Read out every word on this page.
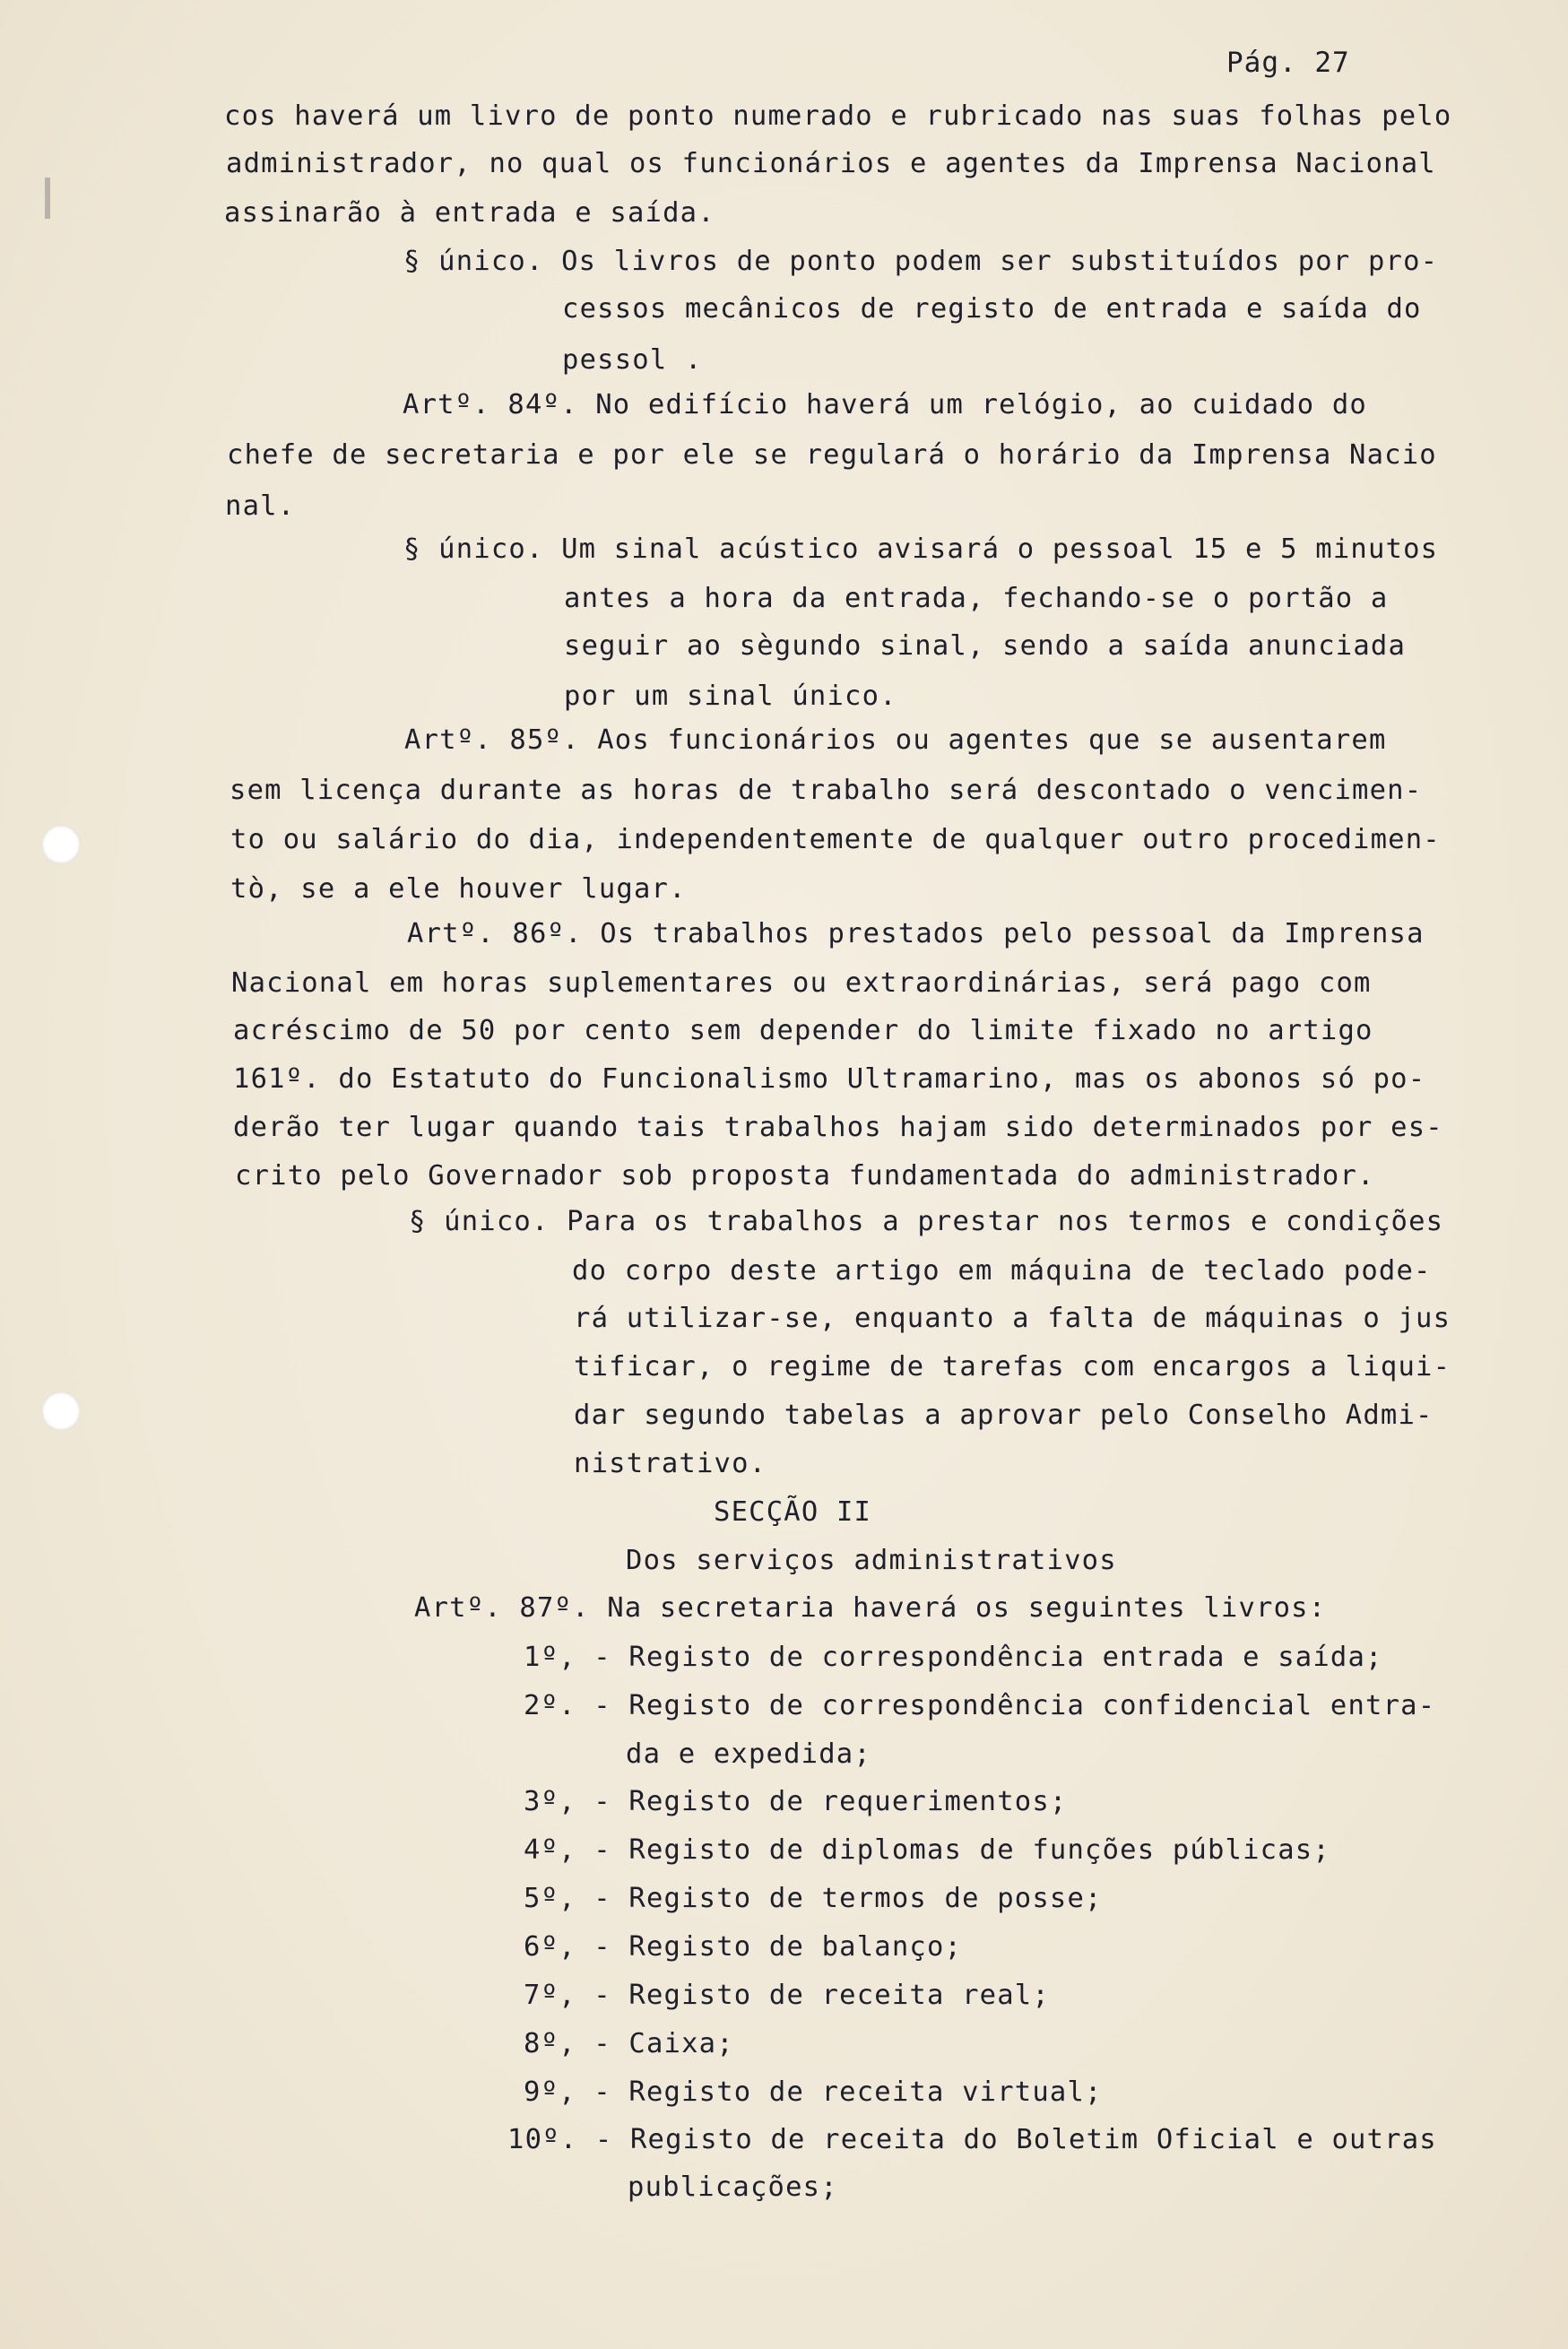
Pág. 27
cos haverá um livro de ponto numerado e rubricado nas suas folhas pelo
administrador, no qual os funcionários e agentes da Imprensa Nacional
assinarão à entrada e saída.
§ único. Os livros de ponto podem ser substituídos por pro-
cessos mecânicos de registo de entrada e saída do
pessol .
Artº. 84º. No edifício haverá um relógio, ao cuidado do
chefe de secretaria e por ele se regulará o horário da Imprensa Nacio
nal.
§ único. Um sinal acústico avisará o pessoal 15 e 5 minutos
antes a hora da entrada, fechando-se o portão a
seguir ao sègundo sinal, sendo a saída anunciada
por um sinal único.
Artº. 85º. Aos funcionários ou agentes que se ausentarem
sem licença durante as horas de trabalho será descontado o vencimen-
to ou salário do dia, independentemente de qualquer outro procedimen-
tò, se a ele houver lugar.
Artº. 86º. Os trabalhos prestados pelo pessoal da Imprensa
Nacional em horas suplementares ou extraordinárias, será pago com
acréscimo de 50 por cento sem depender do limite fixado no artigo
161º. do Estatuto do Funcionalismo Ultramarino, mas os abonos só po-
derão ter lugar quando tais trabalhos hajam sido determinados por es-
crito pelo Governador sob proposta fundamentada do administrador.
§ único. Para os trabalhos a prestar nos termos e condições
do corpo deste artigo em máquina de teclado pode-
rá utilizar-se, enquanto a falta de máquinas o jus
tificar, o regime de tarefas com encargos a liqui-
dar segundo tabelas a aprovar pelo Conselho Admi-
nistrativo.
SECÇÃO II
Dos serviços administrativos
Artº. 87º. Na secretaria haverá os seguintes livros:
1º, - Registo de correspondência entrada e saída;
2º. - Registo de correspondência confidencial entra-
da e expedida;
3º, - Registo de requerimentos;
4º, - Registo de diplomas de funções públicas;
5º, - Registo de termos de posse;
6º, - Registo de balanço;
7º, - Registo de receita real;
8º, - Caixa;
9º, - Registo de receita virtual;
10º. - Registo de receita do Boletim Oficial e outras
publicações;
